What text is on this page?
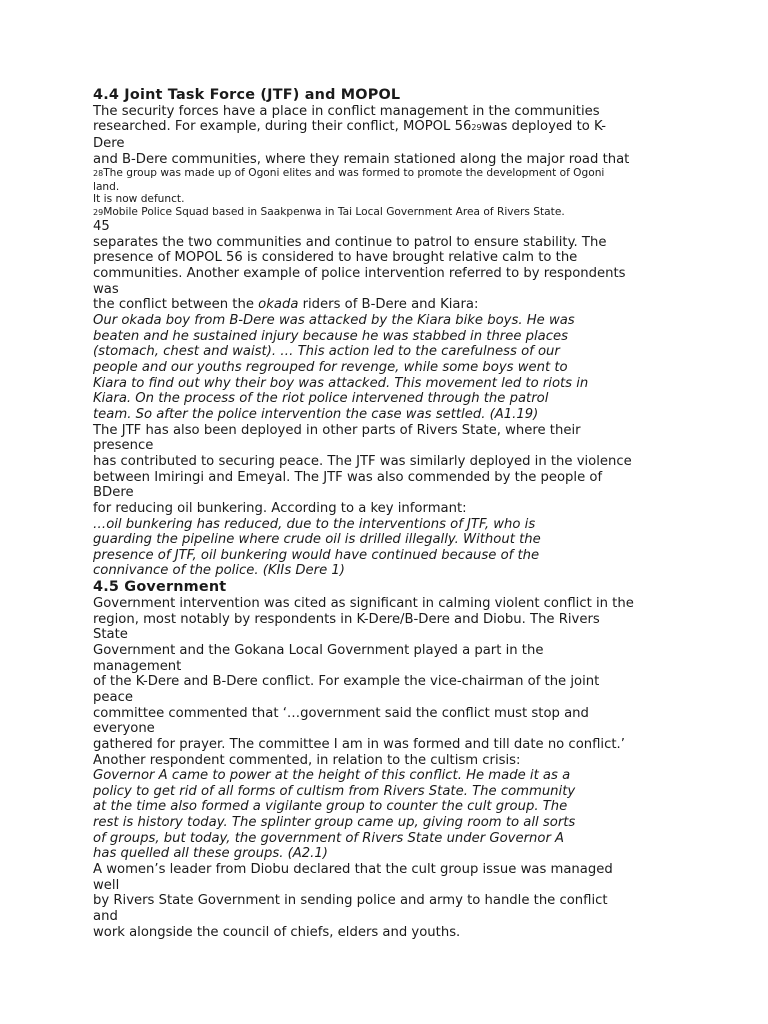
4.4 Joint Task Force (JTF) and MOPOL
The security forces have a place in conflict management in the communities
researched. For example, during their conflict, MOPOL 5629was deployed to K-
Dere
and B-Dere communities, where they remain stationed along the major road that
28The group was made up of Ogoni elites and was formed to promote the development of Ogoni
land.
It is now defunct.
29Mobile Police Squad based in Saakpenwa in Tai Local Government Area of Rivers State.
45
separates the two communities and continue to patrol to ensure stability. The
presence of MOPOL 56 is considered to have brought relative calm to the
communities. Another example of police intervention referred to by respondents
was
the conflict between the okada riders of B-Dere and Kiara:
Our okada boy from B-Dere was attacked by the Kiara bike boys. He was
beaten and he sustained injury because he was stabbed in three places
(stomach, chest and waist). … This action led to the carefulness of our
people and our youths regrouped for revenge, while some boys went to
Kiara to find out why their boy was attacked. This movement led to riots in
Kiara. On the process of the riot police intervened through the patrol
team. So after the police intervention the case was settled. (A1.19)
The JTF has also been deployed in other parts of Rivers State, where their
presence
has contributed to securing peace. The JTF was similarly deployed in the violence
between Imiringi and Emeyal. The JTF was also commended by the people of
BDere
for reducing oil bunkering. According to a key informant:
…oil bunkering has reduced, due to the interventions of JTF, who is
guarding the pipeline where crude oil is drilled illegally. Without the
presence of JTF, oil bunkering would have continued because of the
connivance of the police. (KIIs Dere 1)
4.5 Government
Government intervention was cited as significant in calming violent conflict in the
region, most notably by respondents in K-Dere/B-Dere and Diobu. The Rivers
State
Government and the Gokana Local Government played a part in the
management
of the K-Dere and B-Dere conflict. For example the vice-chairman of the joint
peace
committee commented that ‘…government said the conflict must stop and
everyone
gathered for prayer. The committee I am in was formed and till date no conflict.’
Another respondent commented, in relation to the cultism crisis:
Governor A came to power at the height of this conflict. He made it as a
policy to get rid of all forms of cultism from Rivers State. The community
at the time also formed a vigilante group to counter the cult group. The
rest is history today. The splinter group came up, giving room to all sorts
of groups, but today, the government of Rivers State under Governor A
has quelled all these groups. (A2.1)
A women’s leader from Diobu declared that the cult group issue was managed
well
by Rivers State Government in sending police and army to handle the conflict
and
work alongside the council of chiefs, elders and youths.
